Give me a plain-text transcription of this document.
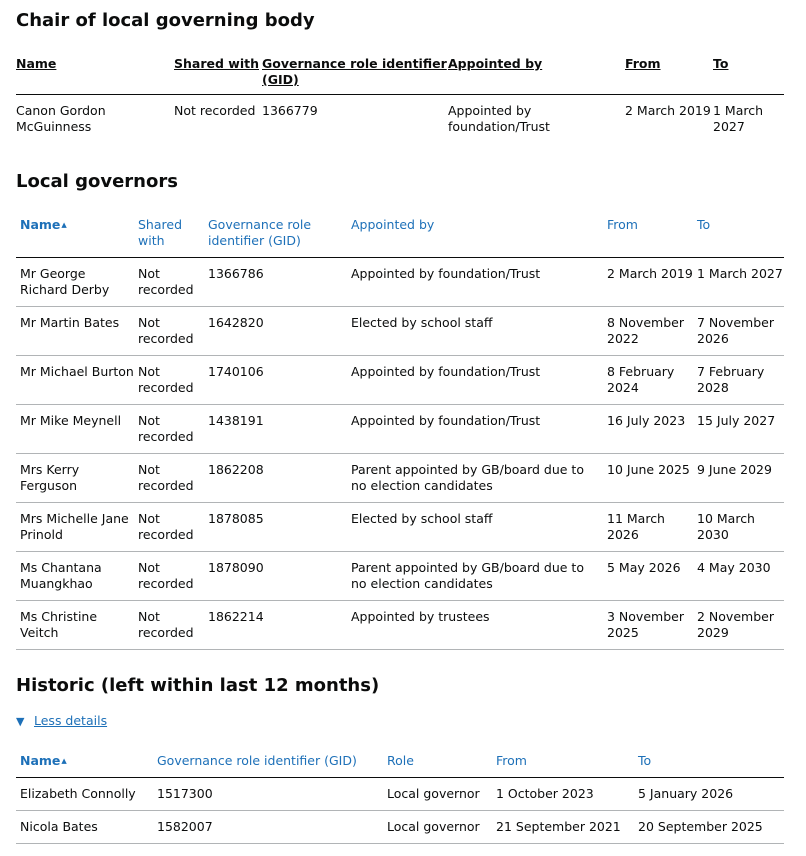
Chair of local governing body
Name	Shared with	Governance role identifier (GID)	Appointed by	From	To
Canon Gordon McGuinness	Not recorded	1366779	Appointed by foundation/Trust	2 March 2019	1 March 2027
Local governors
Name▲	Shared with	Governance role identifier (GID)	Appointed by	From	To
Mr George Richard Derby	Not recorded	1366786	Appointed by foundation/Trust	2 March 2019	1 March 2027
Mr Martin Bates	Not recorded	1642820	Elected by school staff	8 November 2022	7 November 2026
Mr Michael Burton	Not recorded	1740106	Appointed by foundation/Trust	8 February 2024	7 February 2028
Mr Mike Meynell	Not recorded	1438191	Appointed by foundation/Trust	16 July 2023	15 July 2027
Mrs Kerry Ferguson	Not recorded	1862208	Parent appointed by GB/board due to no election candidates	10 June 2025	9 June 2029
Mrs Michelle Jane Prinold	Not recorded	1878085	Elected by school staff	11 March 2026	10 March 2030
Ms Chantana Muangkhao	Not recorded	1878090	Parent appointed by GB/board due to no election candidates	5 May 2026	4 May 2030
Ms Christine Veitch	Not recorded	1862214	Appointed by trustees	3 November 2025	2 November 2029
Historic (left within last 12 months)
▼ Less details
Name▲	Governance role identifier (GID)	Role	From	To
Elizabeth Connolly	1517300	Local governor	1 October 2023	5 January 2026
Nicola Bates	1582007	Local governor	21 September 2021	20 September 2025
